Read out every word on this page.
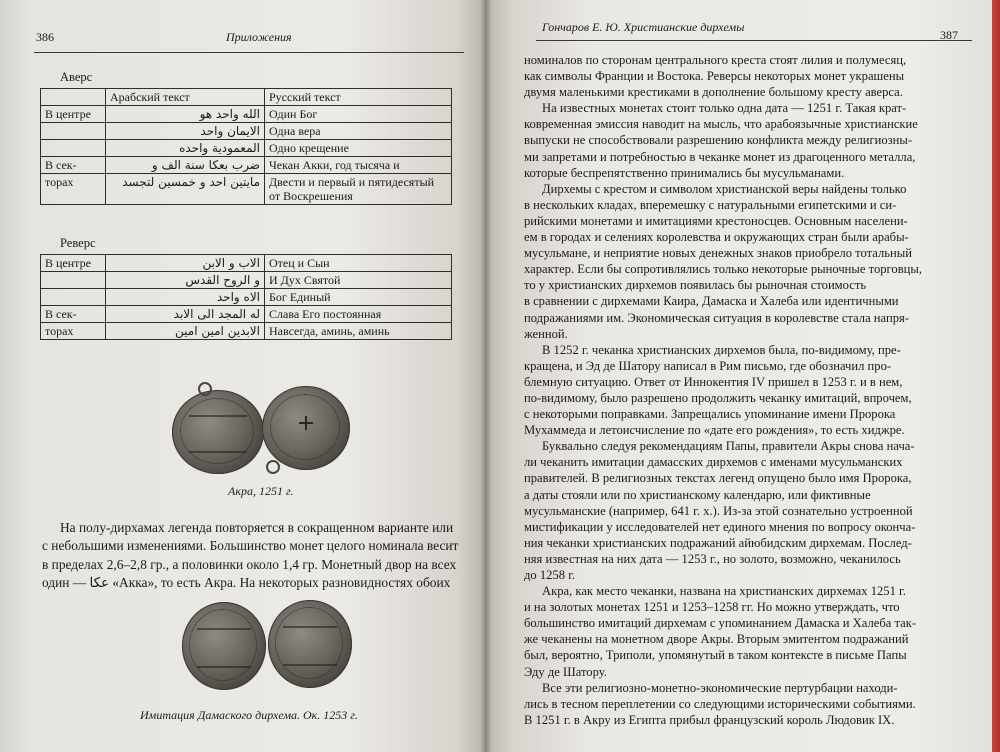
386	Приложения
Аверс
	Арабский текст	Русский текст
В центре	الله واحد هو	Один Бог
	الايمان واحد	Одна вера
	المعمودية واحده	Одно крещение
В сек-	ضرب بعكا سنة الف و	Чекан Акки, год тысяча и
торах	مايتين احد و خمسين لتجسد	Двести и первый и пятидесятый от Воскрешения
Реверс
В центре	الاب و الابن	Отец и Сын
	و الروح القدس	И Дух Святой
	الاه واحد	Бог Единый
В сек-	له المجد الى الابد	Слава Его постоянная
торах	الابدين امين امين	Навсегда, аминь, аминь
Акра, 1251 г.

На полу-дирхамах легенда повторяется в сокращенном варианте или

с небольшими изменениями. Большинство монет целого номинала весит

в пределах 2,6–2,8 гр., а половинки около 1,4 гр. Монетный двор на всех

один — عكا «Акка», то есть Акра. На некоторых разновидностях обоих

Имитация Дамаского дирхема. Ок. 1253 г.
Гончаров Е. Ю. Христианские дирхемы
387

номиналов по сторонам центрального креста стоят лилия и полумесяц,

как символы Франции и Востока. Реверсы некоторых монет украшены

двумя маленькими крестиками в дополнение большому кресту аверса.

На известных монетах стоит только одна дата — 1251 г. Такая крат-

ковременная эмиссия наводит на мысль, что арабоязычные христианские

выпуски не способствовали разрешению конфликта между религиозны-

ми запретами и потребностью в чеканке монет из драгоценного металла,

которые беспрепятственно принимались бы мусульманами.

Дирхемы с крестом и символом христианской веры найдены только

в нескольких кладах, вперемешку с натуральными египетскими и си-

рийскими монетами и имитациями крестоносцев. Основным населени-

ем в городах и селениях королевства и окружающих стран были арабы-

мусульмане, и неприятие новых денежных знаков приобрело тотальный

характер. Если бы сопротивлялись только некоторые рыночные торговцы,

то у христианских дирхемов появилась бы рыночная стоимость

в сравнении с дирхемами Каира, Дамаска и Халеба или идентичными

подражаниями им. Экономическая ситуация в королевстве стала напря-

женной.

В 1252 г. чеканка христианских дирхемов была, по-видимому, пре-

кращена, и Эд де Шатору написал в Рим письмо, где обозначил про-

блемную ситуацию. Ответ от Иннокентия IV пришел в 1253 г. и в нем,

по-видимому, было разрешено продолжить чеканку имитаций, впрочем,

с некоторыми поправками. Запрещались упоминание имени Пророка

Мухаммеда и летоисчисление по «дате его рождения», то есть хиджре.

Буквально следуя рекомендациям Папы, правители Акры снова нача-

ли чеканить имитации дамасских дирхемов с именами мусульманских

правителей. В религиозных текстах легенд опущено было имя Пророка,

а даты стояли или по христианскому календарю, или фиктивные

мусульманские (например, 641 г. х.). Из-за этой сознательно устроенной

мистификации у исследователей нет единого мнения по вопросу оконча-

ния чеканки христианских подражаний айюбидским дирхемам. Послед-

няя известная на них дата — 1253 г., но золото, возможно, чеканилось

до 1258 г.

Акра, как место чеканки, названа на христианских дирхемах 1251 г.

и на золотых монетах 1251 и 1253–1258 гг. Но можно утверждать, что

большинство имитаций дирхемам с упоминанием Дамаска и Халеба так-

же чеканены на монетном дворе Акры. Вторым эмитентом подражаний

был, вероятно, Триполи, упомянутый в таком контексте в письме Папы

Эду де Шатору.

Все эти религиозно-монетно-экономические пертурбации находи-

лись в тесном переплетении со следующими историческими событиями.

В 1251 г. в Акру из Египта прибыл французский король Людовик IX.
